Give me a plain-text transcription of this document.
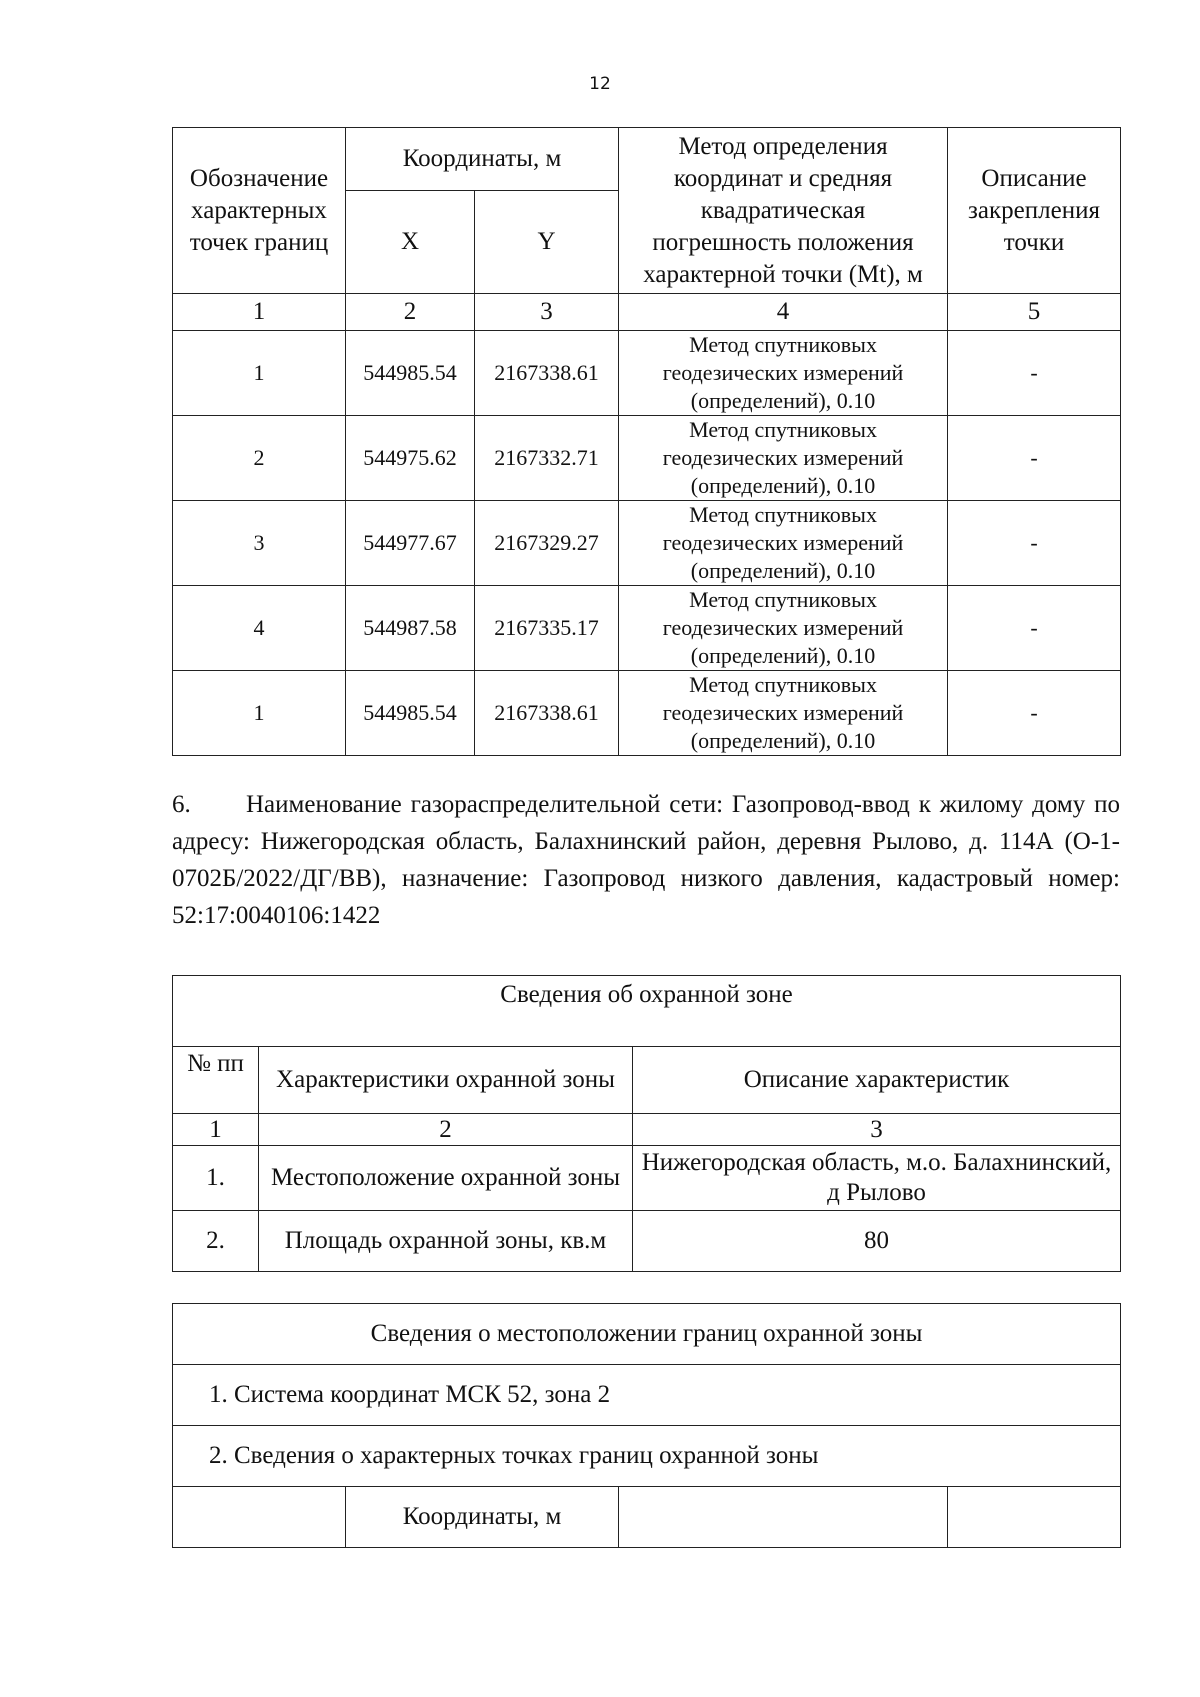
12
Обозначение
характерных
точек границ	Координаты, м		Метод определения
координат и средняя
квадратическая
погрешность положения
характерной точки (Mt), м	Описание
закрепления
точки
	X	Y		
1	2	3	4	5
1	544985.54	2167338.61	Метод спутниковых
геодезических измерений
(определений), 0.10	-
2	544975.62	2167332.71	Метод спутниковых
геодезических измерений
(определений), 0.10	-
3	544977.67	2167329.27	Метод спутниковых
геодезических измерений
(определений), 0.10	-
4	544987.58	2167335.17	Метод спутниковых
геодезических измерений
(определений), 0.10	-
1	544985.54	2167338.61	Метод спутниковых
геодезических измерений
(определений), 0.10	-

6. Наименование газораспределительной сети: Газопровод-ввод к жилому дому по адресу: Нижегородская область, Балахнинский район, деревня Рылово, д. 114А (О-1-0702Б/2022/ДГ/ВВ), назначение: Газопровод низкого давления, кадастровый номер: 52:17:0040106:1422

Сведения об охранной зоне		
№ пп	Характеристики охранной зоны	Описание характеристик
1	2	3
1.	Местоположение охранной зоны	Нижегородская область, м.о. Балахнинский, д Рылово
2.	Площадь охранной зоны, кв.м	80
Сведения о местоположении границ охранной зоны
1. Система координат МСК 52, зона 2
2. Сведения о характерных точках границ охранной зоны
	Координаты, м		
